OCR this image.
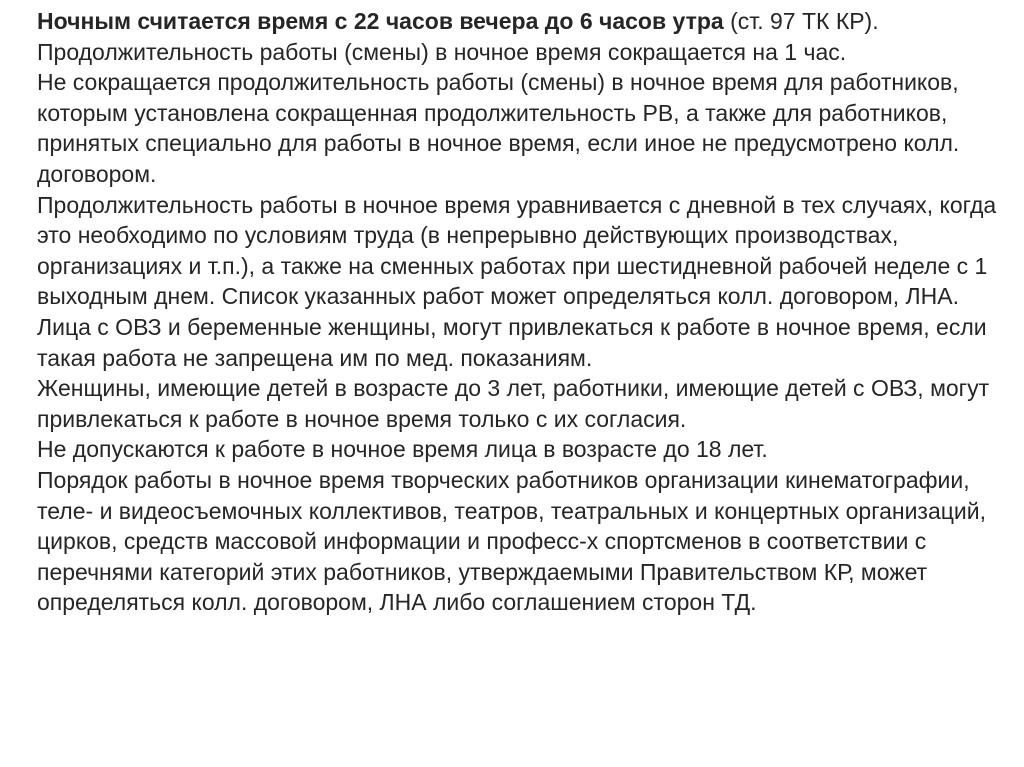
Ночным считается время с 22 часов вечера до 6 часов утра (ст. 97 ТК КР).

Продолжительность работы (смены) в ночное время сокращается на 1 час.

Не сокращается продолжительность работы (смены) в ночное время для работников, которым установлена сокращенная продолжительность РВ, а также для работников, принятых специально для работы в ночное время, если иное не предусмотрено колл. договором.

Продолжительность работы в ночное время уравнивается с дневной в тех случаях, когда это необходимо по условиям труда (в непрерывно действующих производствах, организациях и т.п.), а также на сменных работах при шестидневной рабочей неделе с 1 выходным днем. Список указанных работ может определяться колл. договором, ЛНА.

Лица с ОВЗ и беременные женщины, могут привлекаться к работе в ночное время, если такая работа не запрещена им по мед. показаниям.

Женщины, имеющие детей в возрасте до 3 лет, работники, имеющие детей с ОВЗ, могут привлекаться к работе в ночное время только с их согласия.

Не допускаются к работе в ночное время лица в возрасте до 18 лет.

Порядок работы в ночное время творческих работников организации кинематографии, теле- и видеосъемочных коллективов, театров, театральных и концертных организаций, цирков, средств массовой информации и професс-х спортсменов в соответствии с перечнями категорий этих работников, утверждаемыми Правительством КР, может определяться колл. договором, ЛНА либо соглашением сторон ТД.
